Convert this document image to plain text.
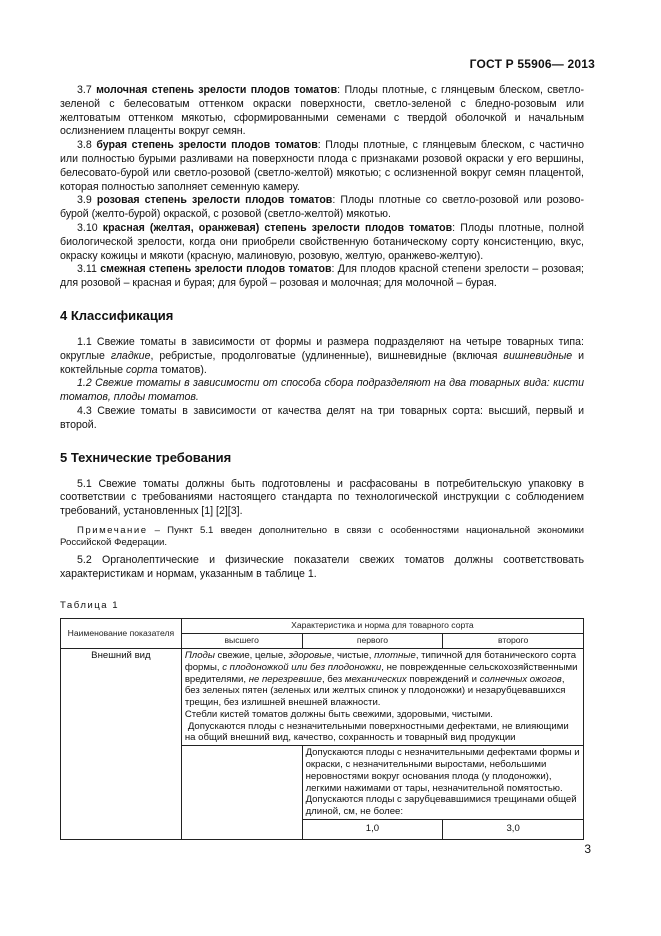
ГОСТ Р 55906— 2013

3.7 молочная степень зрелости плодов томатов: Плоды плотные, с глянцевым блеском, светло-зеленой с белесоватым оттенком окраски поверхности, светло-зеленой с бледно-розовым или желтоватым оттенком мякотью, сформированными семенами с твердой оболочкой и начальным ослизнением плаценты вокруг семян.

3.8 бурая степень зрелости плодов томатов: Плоды плотные, с глянцевым блеском, с частично или полностью бурыми разливами на поверхности плода с признаками розовой окраски у его вершины, белесовато-бурой или светло-розовой (светло-желтой) мякотью; с ослизненной вокруг семян плацентой, которая полностью заполняет семенную камеру.

3.9 розовая степень зрелости плодов томатов: Плоды плотные со светло-розовой или розово-бурой (желто-бурой) окраской, с розовой (светло-желтой) мякотью.

3.10 красная (желтая, оранжевая) степень зрелости плодов томатов: Плоды плотные, полной биологической зрелости, когда они приобрели свойственную ботаническому сорту консистенцию, вкус, окраску кожицы и мякоти (красную, малиновую, розовую, желтую, оранжево-желтую).

3.11 смежная степень зрелости плодов томатов: Для плодов красной степени зрелости – розовая; для розовой – красная и бурая; для бурой – розовая и молочная; для молочной – бурая.

4 Классификация

1.1 Свежие томаты в зависимости от формы и размера подразделяют на четыре товарных типа: округлые гладкие, ребристые, продолговатые (удлиненные), вишневидные (включая вишневидные и коктейльные сорта томатов).

1.2 Свежие томаты в зависимости от способа сбора подразделяют на два товарных вида: кисти томатов, плоды томатов.

4.3 Свежие томаты в зависимости от качества делят на три товарных сорта: высший, первый и второй.

5 Технические требования

5.1 Свежие томаты должны быть подготовлены и расфасованы в потребительскую упаковку в соответствии с требованиями настоящего стандарта по технологической инструкции с соблюдением требований, установленных [1] [2][3].

Примечание – Пункт 5.1 введен дополнительно в связи с особенностями национальной экономики Российской Федерации.

5.2 Органолептические и физические показатели свежих томатов должны соответствовать характеристикам и нормам, указанным в таблице 1.

Таблица 1
Наименование показателя	Характеристика и норма для товарного сорта		
	высшего	первого	второго
Внешний вид	Плоды свежие, целые, здоровые, чистые, плотные, типичной для ботанического сорта формы, с плодоножкой или без плодоножки, не поврежденные сельскохозяйственными вредителями, не перезревшие, без механических повреждений и солнечных ожогов, без зеленых пятен (зеленых или желтых спинок у плодоножки) и незарубцевавшихся трещин, без излишней внешней влажности.
Стебли кистей томатов должны быть свежими, здоровыми, чистыми.
Допускаются плоды с незначительными поверхностными дефектами, не влияющими на общий внешний вид, качество, сохранность и товарный вид продукции		

		Допускаются плоды с незначительными дефектами формы и окраски, с незначительными выростами, небольшими неровностями вокруг основания плода (у плодоножки), легкими нажимами от тары, незначительной помятостью. Допускаются плоды с зарубцевавшимися трещинами общей длиной, см, не более:	
		1,0	3,0
3
